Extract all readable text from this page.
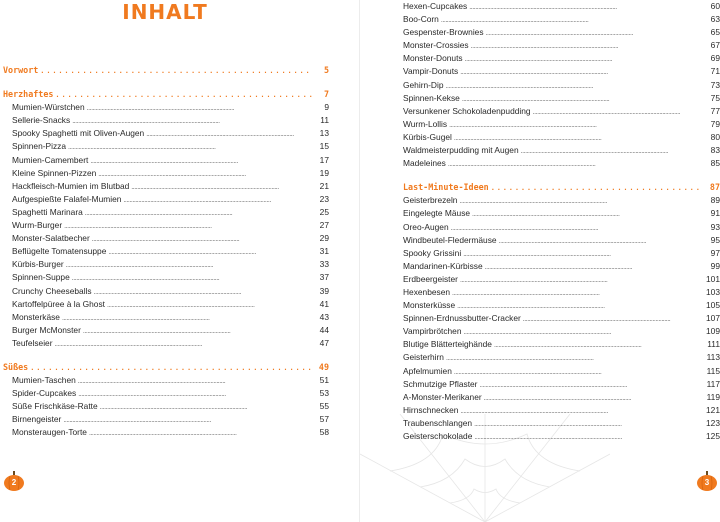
INHALT
Vorwort . . .	5
Herzhaftes . . .	7
Mumien-Würstchen . . .	9
Sellerie-Snacks . . .	11
Spooky Spaghetti mit Oliven-Augen . . .	13
Spinnen-Pizza . . .	15
Mumien-Camembert . . .	17
Kleine Spinnen-Pizzen . . .	19
Hackfleisch-Mumien im Blutbad . . .	21
Aufgespießte Falafel-Mumien . . .	23
Spaghetti Marinara . . .	25
Wurm-Burger . . .	27
Monster-Salatbecher . . .	29
Beflügelte Tomatensuppe . . .	31
Kürbis-Burger . . .	33
Spinnen-Suppe . . .	37
Crunchy Cheeseballs . . .	39
Kartoffelpüree à la Ghost . . .	41
Monsterkäse . . .	43
Burger McMonster . . .	44
Teufelseier . . .	47
Süßes . . .	49
Mumien-Taschen . . .	51
Spider-Cupcakes . . .	53
Süße Frischkäse-Ratte . . .	55
Birnengeister . . .	57
Monsteraugen-Torte . . .	58
2
Hexen-Cupcakes . . .	60
Boo-Corn . . .	63
Gespenster-Brownies . . .	65
Monster-Crossies . . .	67
Monster-Donuts . . .	69
Vampir-Donuts . . .	71
Gehirn-Dip . . .	73
Spinnen-Kekse . . .	75
Versunkener Schokoladenpudding . . .	77
Wurm-Lollis . . .	79
Kürbis-Gugel . . .	80
Waldmeisterpudding mit Augen . . .	83
Madeleines . . .	85
Last-Minute-Ideen . . .	87
Geisterbrezeln . . .	89
Eingelegte Mäuse . . .	91
Oreo-Augen . . .	93
Windbeutel-Fledermäuse . . .	95
Spooky Grissini . . .	97
Mandarinen-Kürbisse . . .	99
Erdbeergeister . . .	101
Hexenbesen . . .	103
Monsterküsse . . .	105
Spinnen-Erdnussbutter-Cracker . . .	107
Vampirbrötchen . . .	109
Blutige Blätterteighände . . .	111
Geisterhirn . . .	113
Apfelmumien . . .	115
Schmutzige Pflaster . . .	117
A-Monster-Merikaner . . .	119
Hirnschnecken . . .	121
Traubenschlangen . . .	123
Geisterschokolade . . .	125
3
